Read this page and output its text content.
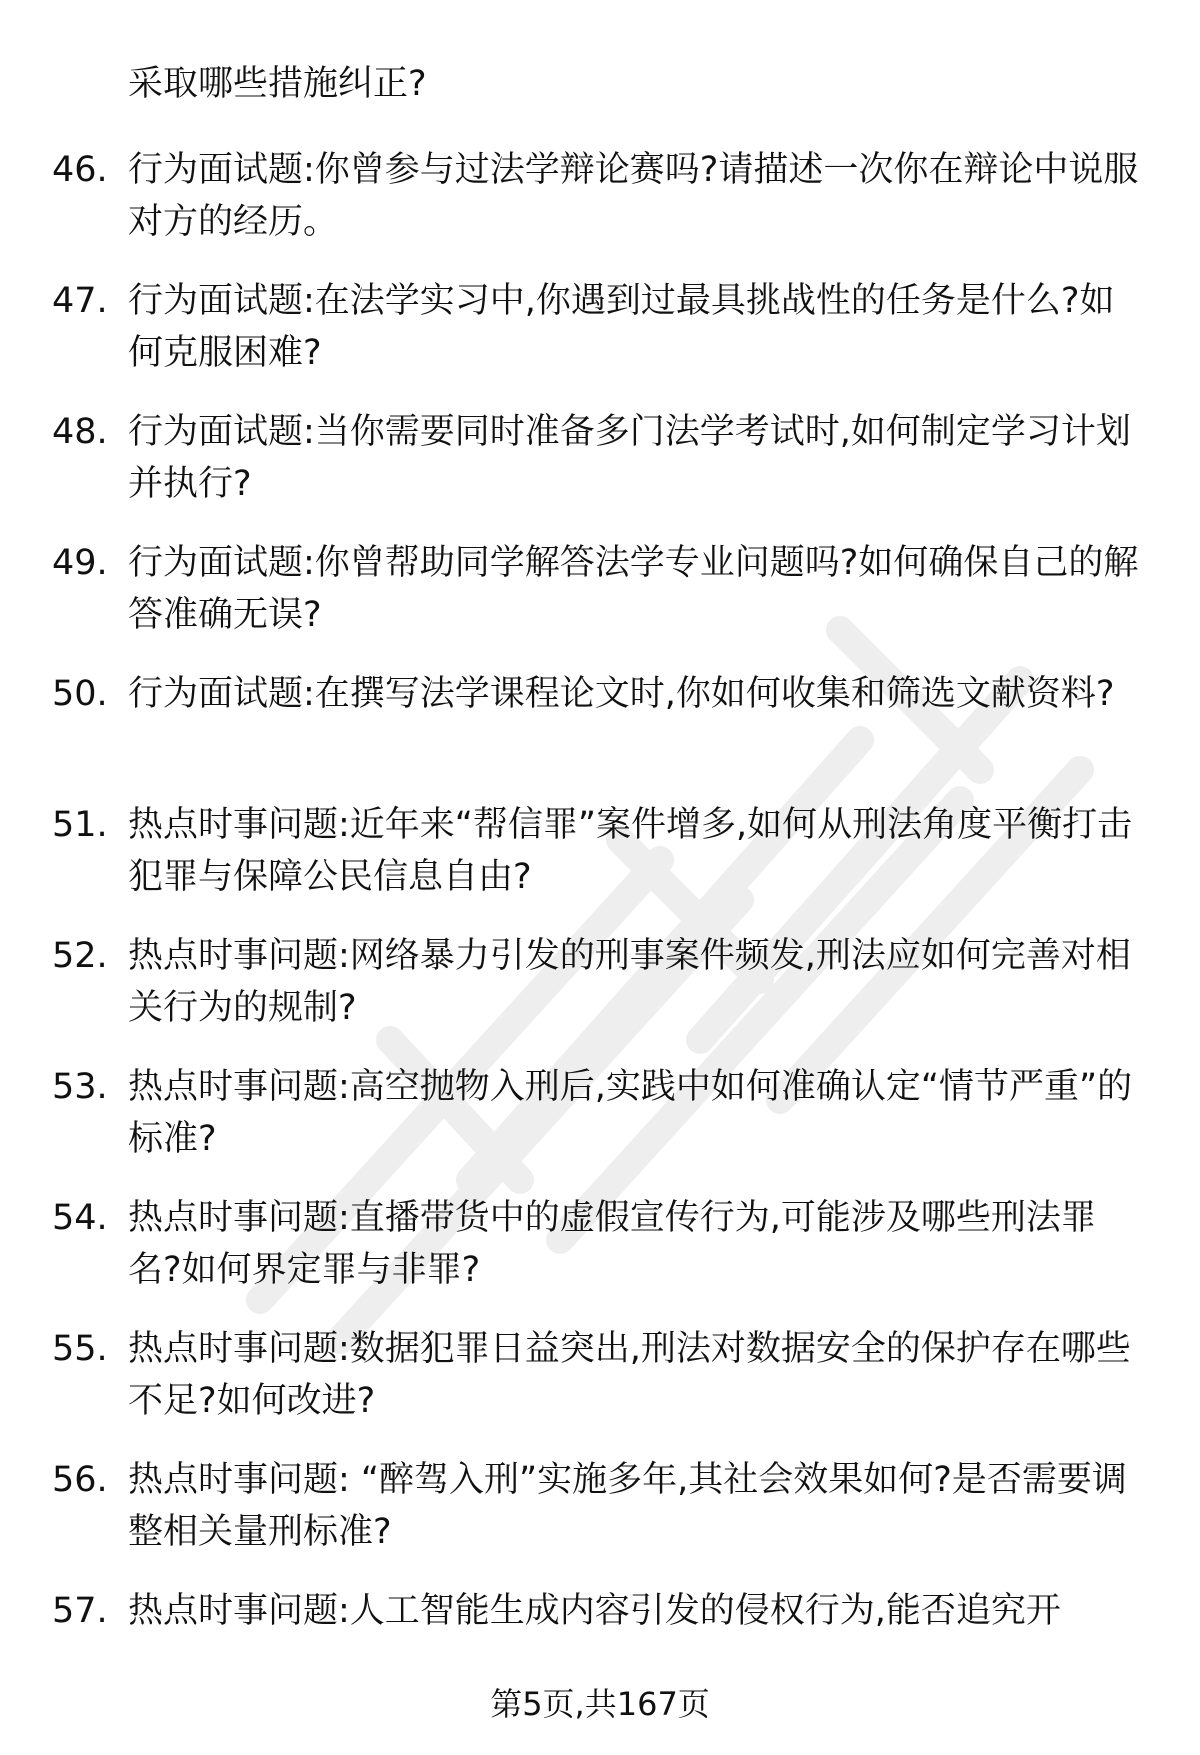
采取哪些措施纠正?
46. 行为面试题:你曾参与过法学辩论赛吗?请描述一次你在辩论中说服对方的经历。
47. 行为面试题:在法学实习中,你遇到过最具挑战性的任务是什么?如何克服困难?
48. 行为面试题:当你需要同时准备多门法学考试时,如何制定学习计划并执行?
49. 行为面试题:你曾帮助同学解答法学专业问题吗?如何确保自己的解答准确无误?
50. 行为面试题:在撰写法学课程论文时,你如何收集和筛选文献资料?
51. 热点时事问题:近年来“帮信罪”案件增多,如何从刑法角度平衡打击犯罪与保障公民信息自由?
52. 热点时事问题:网络暴力引发的刑事案件频发,刑法应如何完善对相关行为的规制?
53. 热点时事问题:高空抛物入刑后,实践中如何准确认定“情节严重”的标准?
54. 热点时事问题:直播带货中的虚假宣传行为,可能涉及哪些刑法罪名?如何界定罪与非罪?
55. 热点时事问题:数据犯罪日益突出,刑法对数据安全的保护存在哪些不足?如何改进?
56. 热点时事问题: “醉驾入刑”实施多年,其社会效果如何?是否需要调整相关量刑标准?
57. 热点时事问题:人工智能生成内容引发的侵权行为,能否追究开
第5页,共167页
